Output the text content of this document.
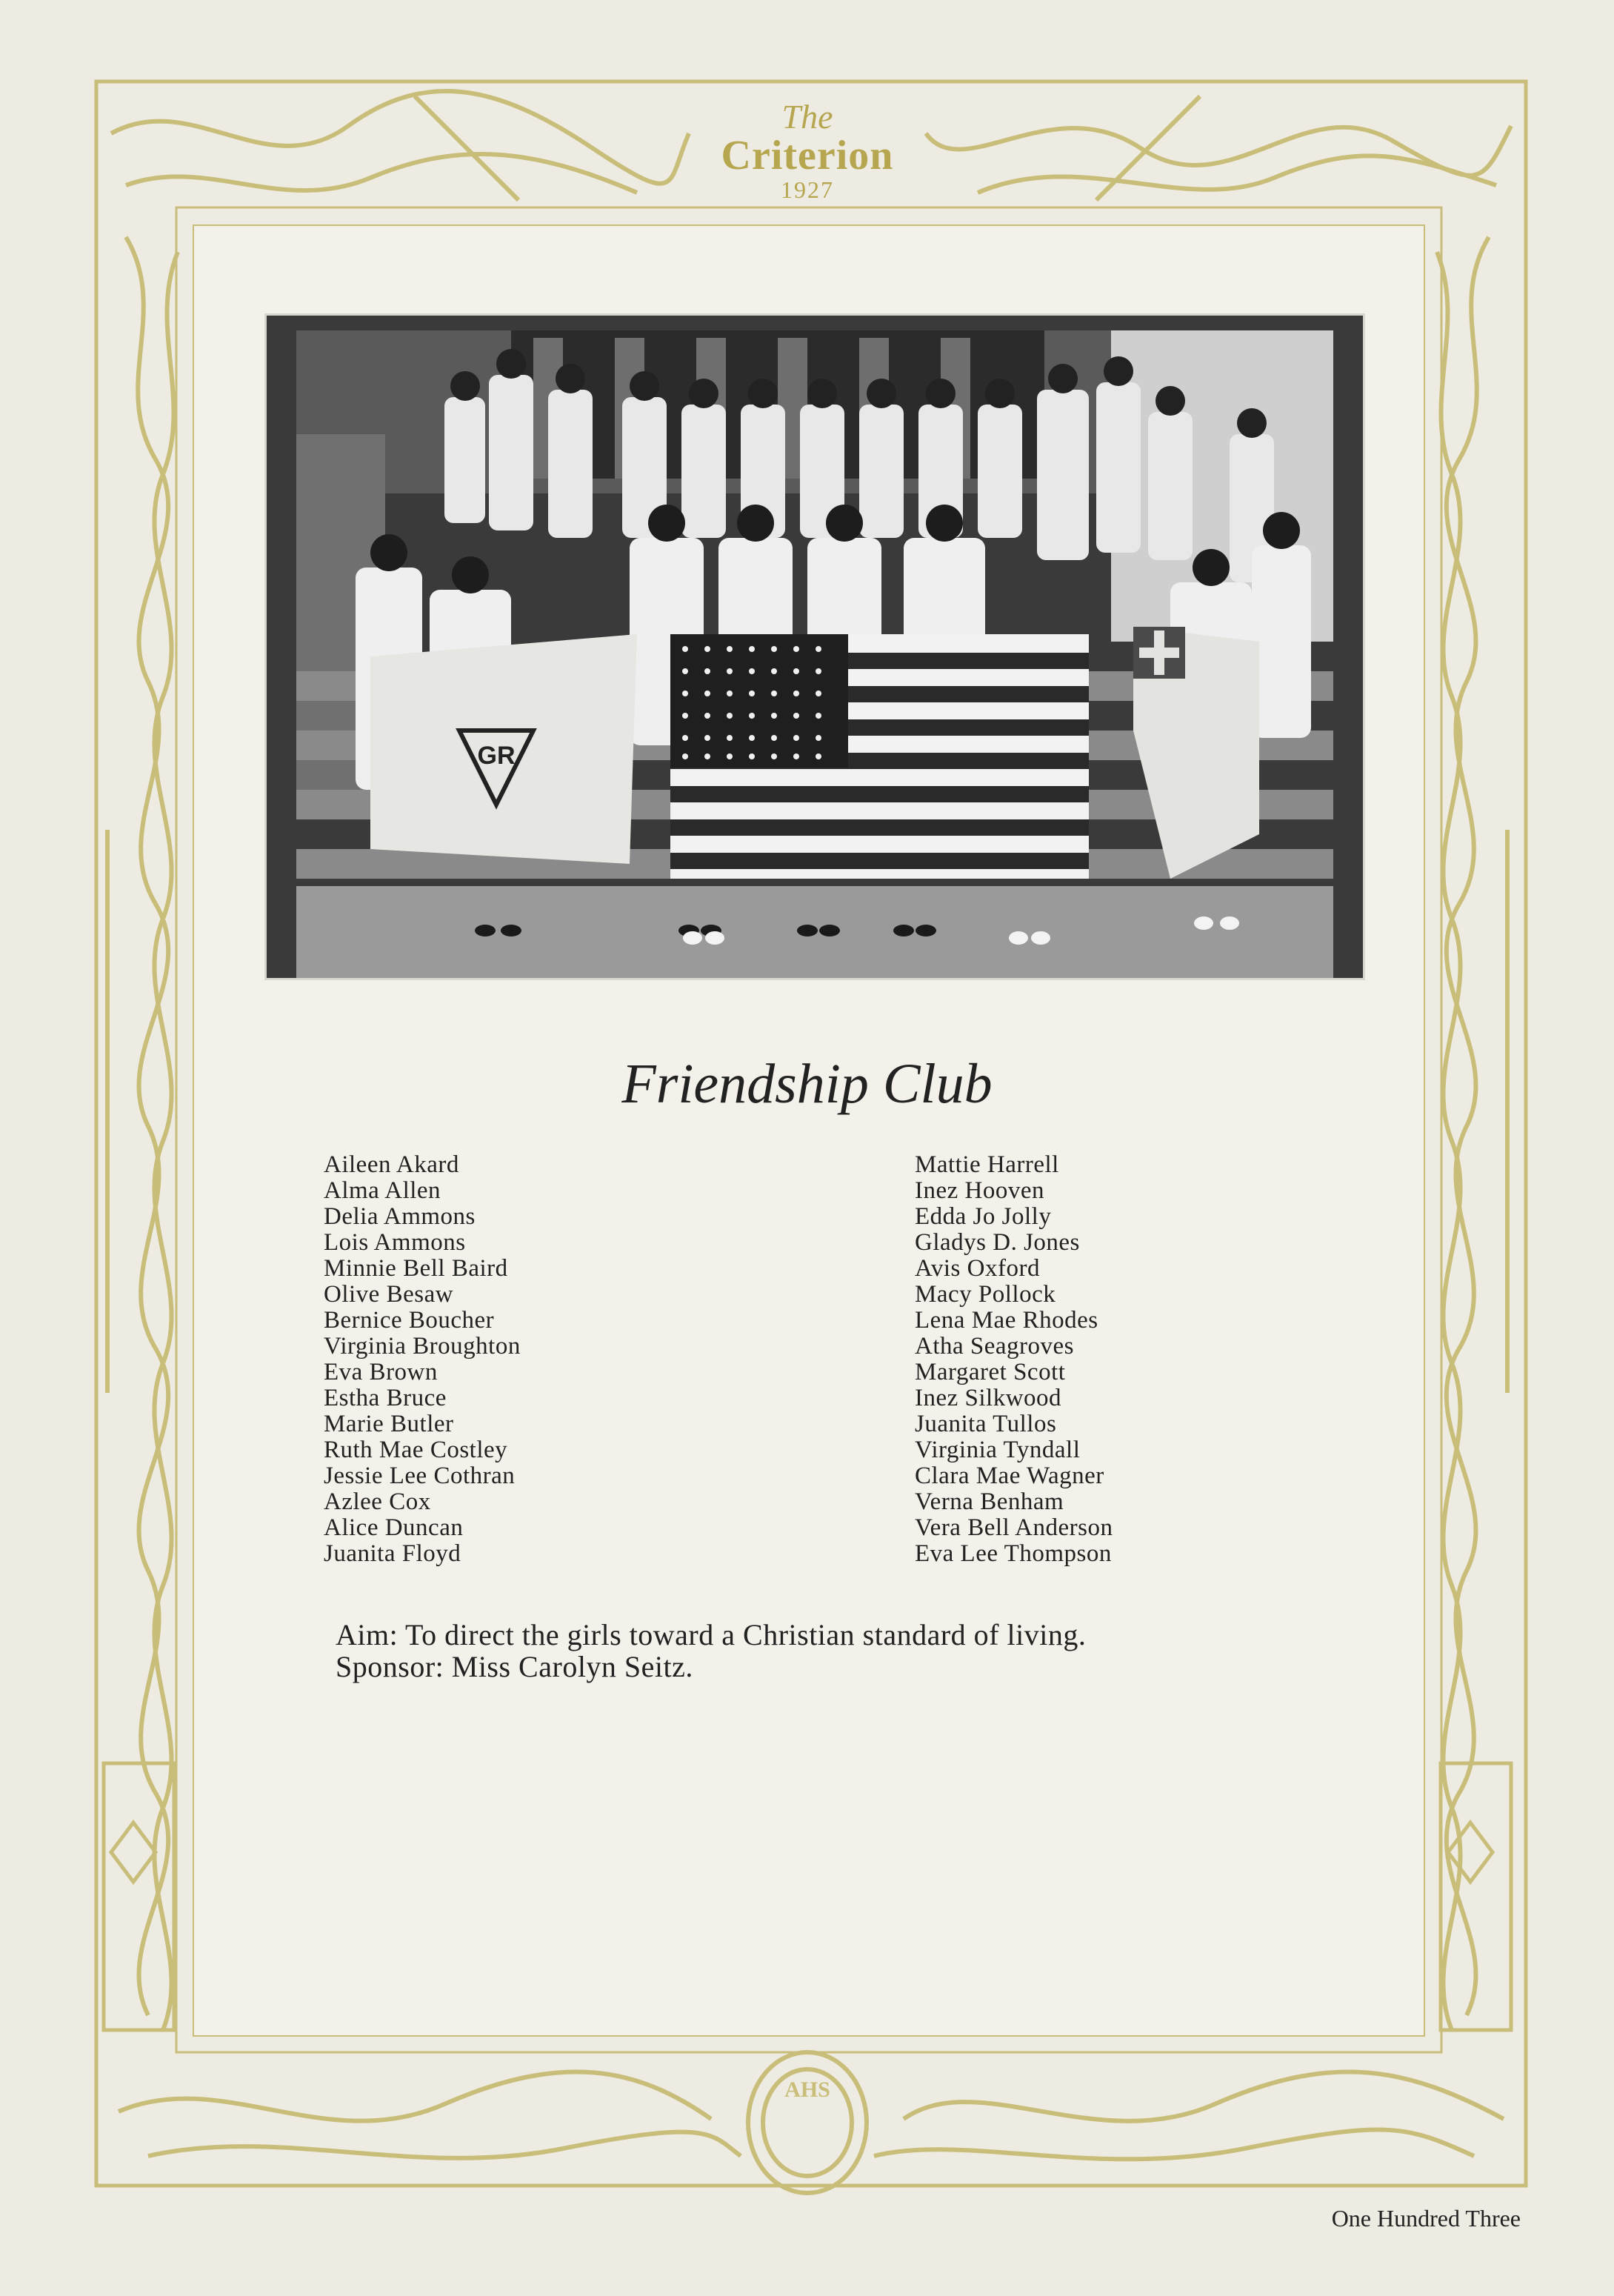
AHS
The
Criterion
1927
GR
Friendship Club
Aileen Akard
Alma Allen
Delia Ammons
Lois Ammons
Minnie Bell Baird
Olive Besaw
Bernice Boucher
Virginia Broughton
Eva Brown
Estha Bruce
Marie Butler
Ruth Mae Costley
Jessie Lee Cothran
Azlee Cox
Alice Duncan
Juanita Floyd
Mattie Harrell
Inez Hooven
Edda Jo Jolly
Gladys D. Jones
Avis Oxford
Macy Pollock
Lena Mae Rhodes
Atha Seagroves
Margaret Scott
Inez Silkwood
Juanita Tullos
Virginia Tyndall
Clara Mae Wagner
Verna Benham
Vera Bell Anderson
Eva Lee Thompson
Aim: To direct the girls toward a Christian standard of living.
Sponsor: Miss Carolyn Seitz.
One Hundred Three
